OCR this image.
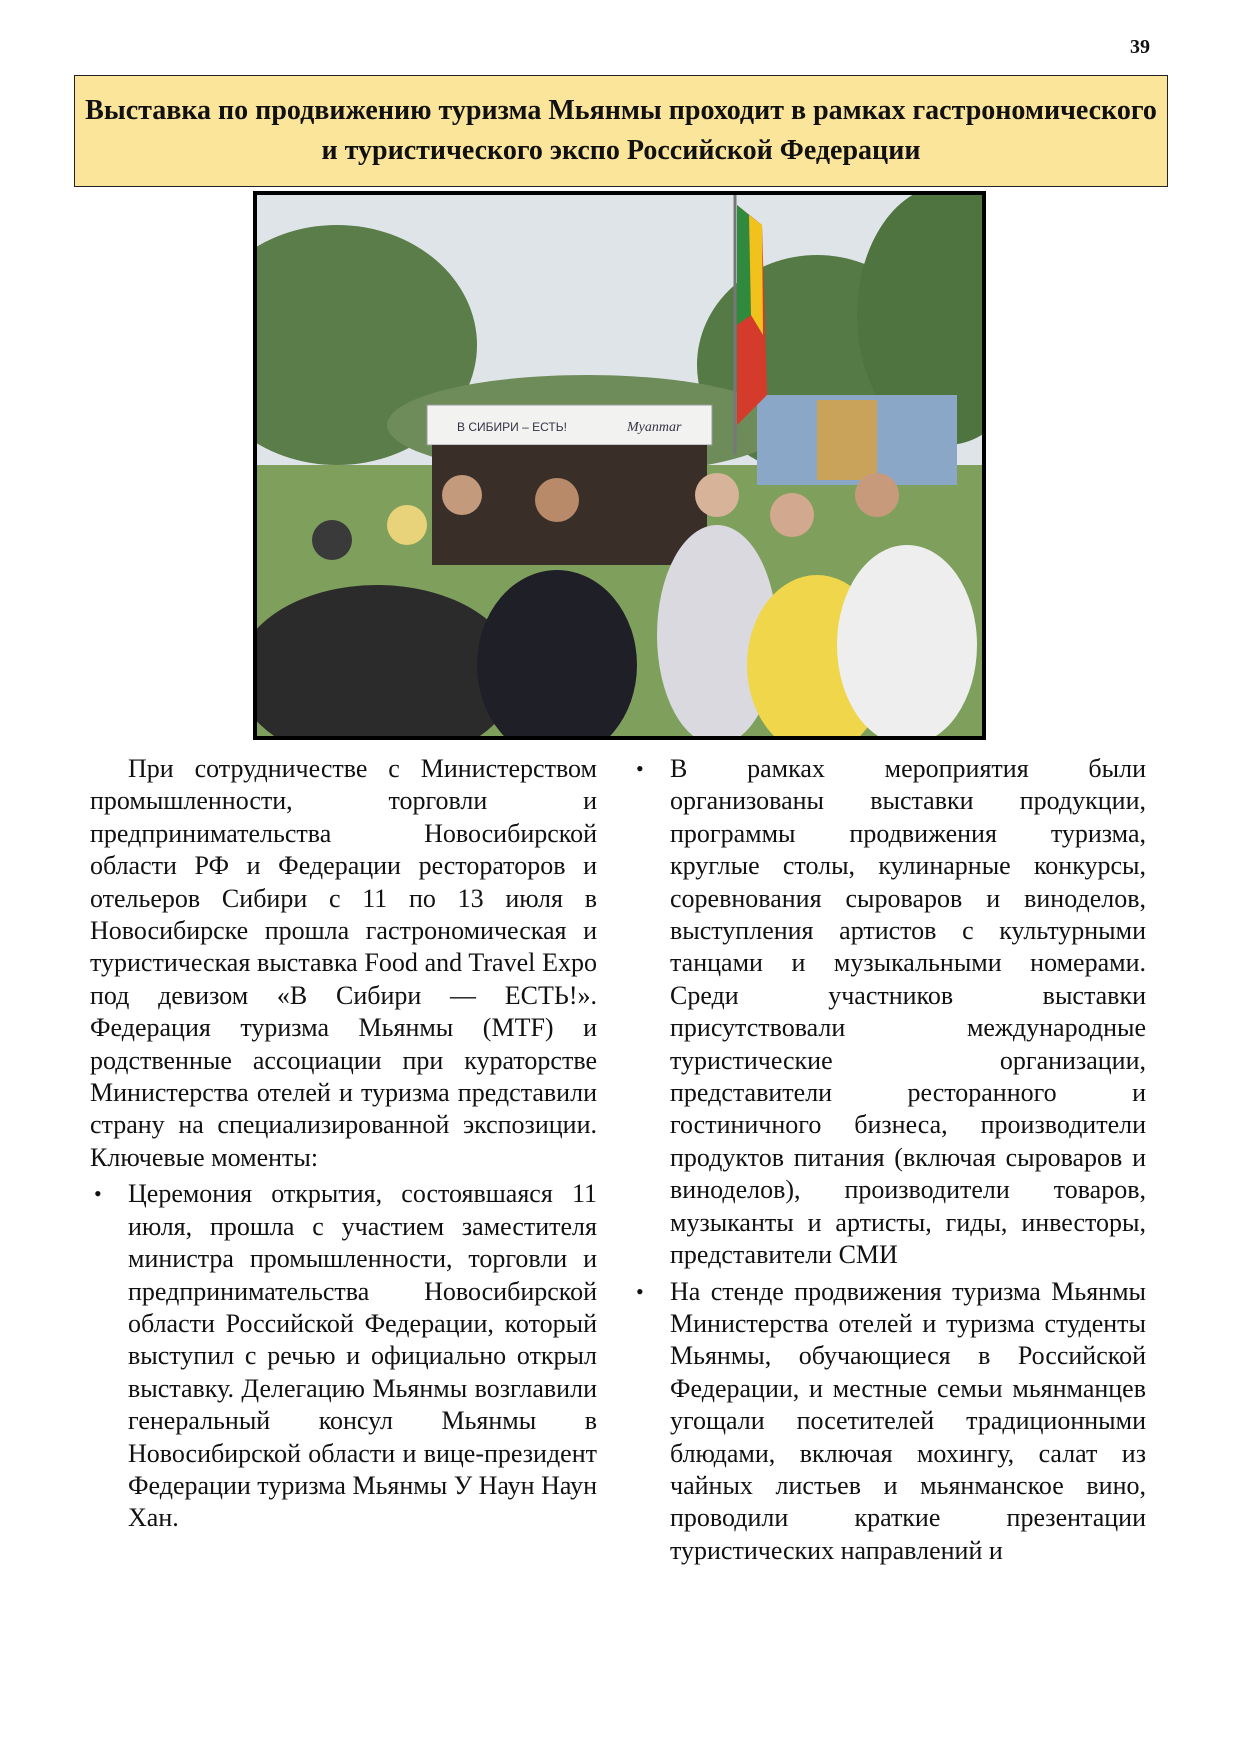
39
Выставка по продвижению туризма Мьянмы проходит в рамках гастрономического и туристического экспо Российской Федерации
В СИБИРИ – ЕСТЬ!	Myanmar

При сотрудничестве с Министерством промышленности, торговли и предпринимательства Новосибирской области РФ и Федерации рестораторов и отельеров Сибири с 11 по 13 июля в Новосибирске прошла гастрономическая и туристическая выставка Food and Travel Expo под девизом «В Сибири — ЕСТЬ!». Федерация туризма Мьянмы (MTF) и родственные ассоциации при кураторстве Министерства отелей и туризма представили страну на специализированной экспозиции. Ключевые моменты:

• Церемония открытия, состоявшаяся 11 июля, прошла с участием заместителя министра промышленности, торговли и предпринимательства Новосибирской области Российской Федерации, который выступил с речью и официально открыл выставку. Делегацию Мьянмы возглавили генеральный консул Мьянмы в Новосибирской области и вице-президент Федерации туризма Мьянмы У Наун Наун Хан.
• В рамках мероприятия были организованы выставки продукции, программы продвижения туризма, круглые столы, кулинарные конкурсы, соревнования сыроваров и виноделов, выступления артистов с культурными танцами и музыкальными номерами. Среди участников выставки присутствовали международные туристические организации, представители ресторанного и гостиничного бизнеса, производители продуктов питания (включая сыроваров и виноделов), производители товаров, музыканты и артисты, гиды, инвесторы, представители СМИ
• На стенде продвижения туризма Мьянмы Министерства отелей и туризма студенты Мьянмы, обучающиеся в Российской Федерации, и местные семьи мьянманцев угощали посетителей традиционными блюдами, включая мохингу, салат из чайных листьев и мьянманское вино, проводили краткие презентации туристических направлений и
